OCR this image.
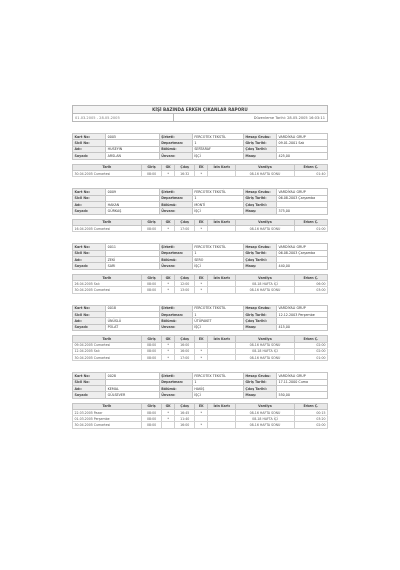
KİŞİ BAZINDA ERKEN ÇIKANLAR RAPORU
01.03.2005 - 28.05.2005	Düzenleme Tarihi: 28.05.2005 16:03:11
Kart No:	0005	Şirketi:	FERCOTEX TEKSTİL	Hesap Grubu:	VARDİYALI GRUP
Sicil No:		Departman:	1	Giriş Tarihi:	09.01.2001 Salı
Adı:	HÜSEYİN	Bölümü:	SERTARAF	Çıkış Tarihi:	
Soyadı:	ARSLAN	Ünvanı:	İŞÇİ	Maaş:	425,00
Tarih	Giriş	GK	Çıkış	EK	İzin Kartı	Vardiya	Erken Ç.
30.04.2005 Cumartesi	08:00	*	16:32	*		08-16 HAFTA SONU	01:40
Kart No:	0009	Şirketi:	FERCOTEX TEKSTİL	Hesap Grubu:	VARDİYALI GRUP
Sicil No:		Departman:	1	Giriş Tarihi:	06.08.2003 Çarşamba
Adı:	HAKAN	Bölümü:	MONTİ	Çıkış Tarihi:	
Soyadı:	GÜRKAŞ	Ünvanı:	İŞÇİ	Maaş:	375,00
Tarih	Giriş	GK	Çıkış	EK	İzin Kartı	Vardiya	Erken Ç.
16.04.2005 Cumartesi	08:00	*	17:00	*		08-16 HAFTA SONU	01:00
Kart No:	0011	Şirketi:	FERCOTEX TEKSTİL	Hesap Grubu:	VARDİYALI GRUP
Sicil No:		Departman:	1	Giriş Tarihi:	06.08.2003 Çarşamba
Adı:	ZEKİ	Bölümü:	SERO	Çıkış Tarihi:	
Soyadı:	SARI	Ünvanı:	İŞÇİ	Maaş:	440,00
Tarih	Giriş	GK	Çıkış	EK	İzin Kartı	Vardiya	Erken Ç.
26.04.2005 Salı	08:00	*	12:00	*		08-18 HAFTA İÇİ	06:00
30.04.2005 Cumartesi	08:00	*	13:00	*		08-16 HAFTA SONU	03:00
Kart No:	0018	Şirketi:	FERCOTEX TEKSTİL	Hesap Grubu:	VARDİYALI GRUP
Sicil No:		Departman:	1	Giriş Tarihi:	12.12.2003 Perşembe
Adı:	ÜNÜSLÜ	Bölümü:	ÜTÜPAKET	Çıkış Tarihi:	
Soyadı:	POLAT	Ünvanı:	İŞÇİ	Maaş:	415,00
Tarih	Giriş	GK	Çıkış	EK	İzin Kartı	Vardiya	Erken Ç.
09.04.2005 Cumartesi	08:00	*	16:00			08-16 HAFTA SONU	02:00
12.04.2005 Salı	08:00	*	16:00	*		08-18 HAFTA İÇİ	02:00
30.04.2005 Cumartesi	08:00	*	17:00	*		08-16 HAFTA SONU	01:00
Kart No:	0028	Şirketi:	FERCOTEX TEKSTİL	Hesap Grubu:	VARDİYALI GRUP
Sicil No:		Departman:	1	Giriş Tarihi:	17.11.2000 Cuma
Adı:	KEMAL	Bölümü:	HAKİŞ	Çıkış Tarihi:	
Soyadı:	GÜLSEVER	Ünvanı:	İŞÇİ	Maaş:	550,00
Tarih	Giriş	GK	Çıkış	EK	İzin Kartı	Vardiya	Erken Ç.
22.03.2005 Pazar	08:00	*	16:45	*		08-16 HAFTA SONU	00:15
01.03.2005 Perşembe	08:00	*	11:40			08-18 HAFTA İÇİ	03:20
30.04.2005 Cumartesi	08:00		16:00	*		08-16 HAFTA SONU	02:00
